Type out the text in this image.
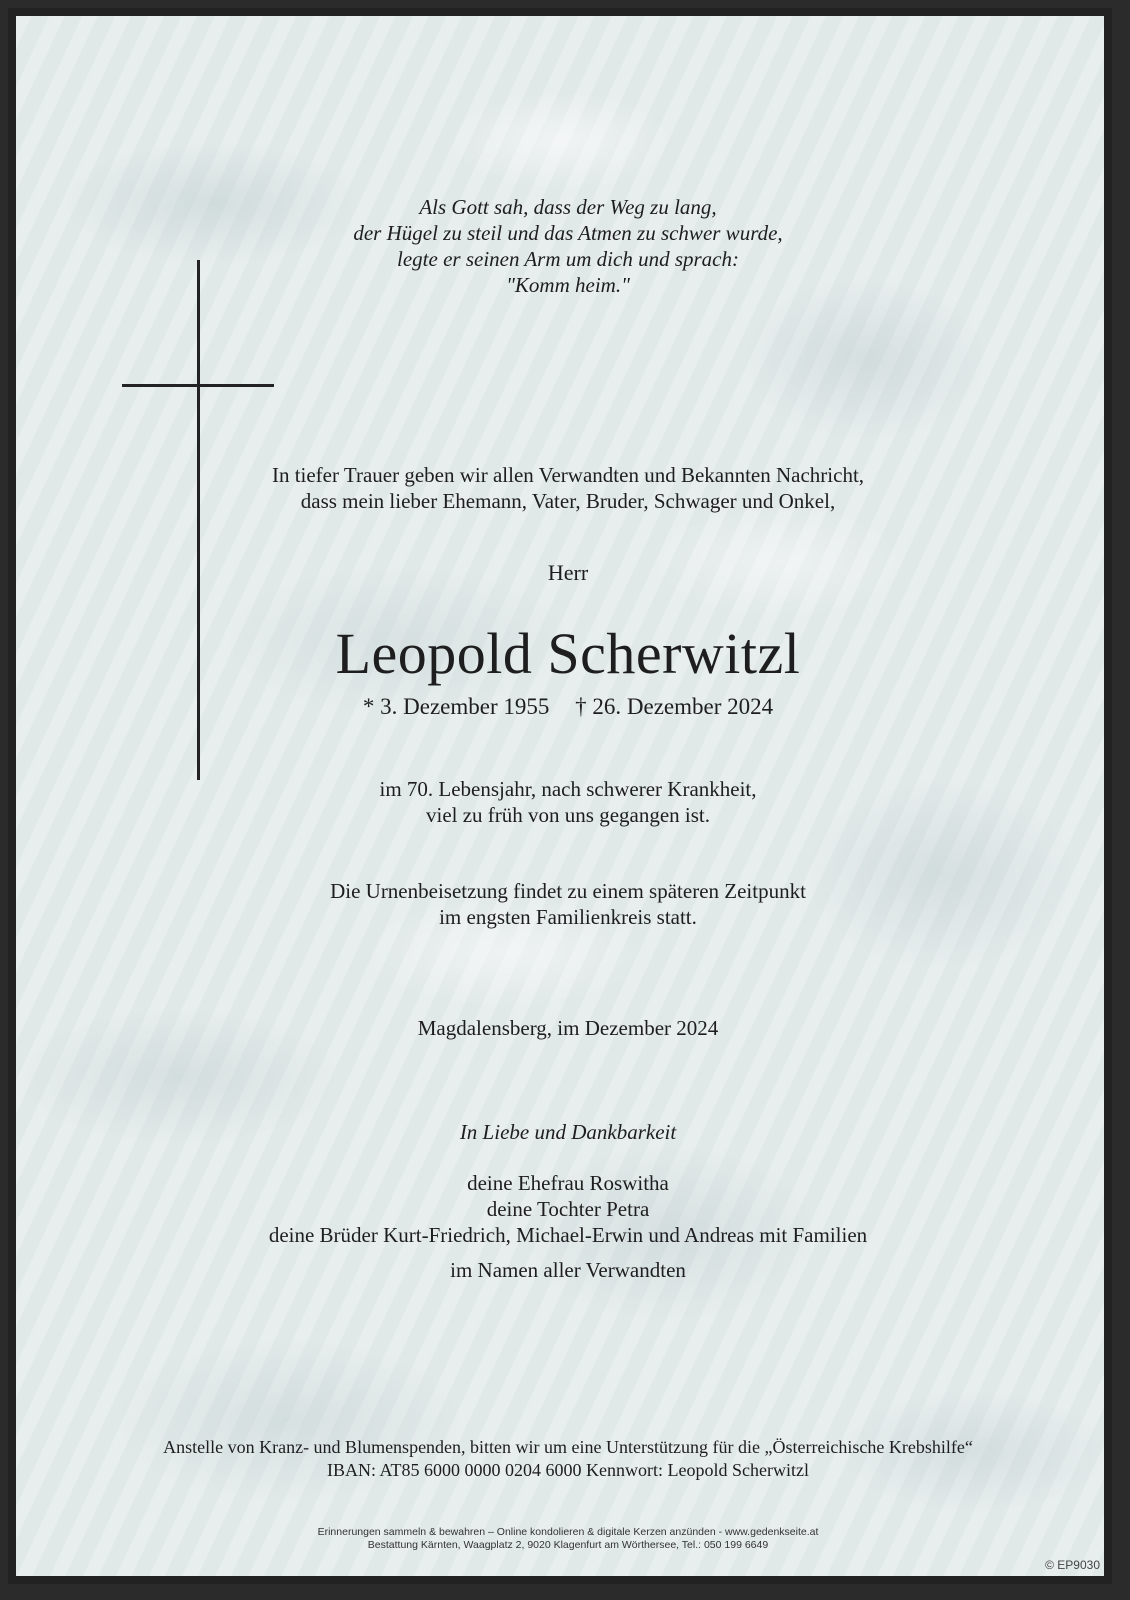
Als Gott sah, dass der Weg zu lang,
der Hügel zu steil und das Atmen zu schwer wurde,
legte er seinen Arm um dich und sprach:
"Komm heim."
In tiefer Trauer geben wir allen Verwandten und Bekannten Nachricht,
dass mein lieber Ehemann, Vater, Bruder, Schwager und Onkel,
Herr
Leopold Scherwitzl
* 3. Dezember 1955 † 26. Dezember 2024
im 70. Lebensjahr, nach schwerer Krankheit,
viel zu früh von uns gegangen ist.
Die Urnenbeisetzung findet zu einem späteren Zeitpunkt
im engsten Familienkreis statt.
Magdalensberg, im Dezember 2024
In Liebe und Dankbarkeit
deine Ehefrau Roswitha
deine Tochter Petra
deine Brüder Kurt-Friedrich, Michael-Erwin und Andreas mit Familien
im Namen aller Verwandten
Anstelle von Kranz- und Blumenspenden, bitten wir um eine Unterstützung für die „Österreichische Krebshilfe“
IBAN: AT85 6000 0000 0204 6000 Kennwort: Leopold Scherwitzl
Erinnerungen sammeln & bewahren – Online kondolieren & digitale Kerzen anzünden - www.gedenkseite.at
Bestattung Kärnten, Waagplatz 2, 9020 Klagenfurt am Wörthersee, Tel.: 050 199 6649
© EP9030
